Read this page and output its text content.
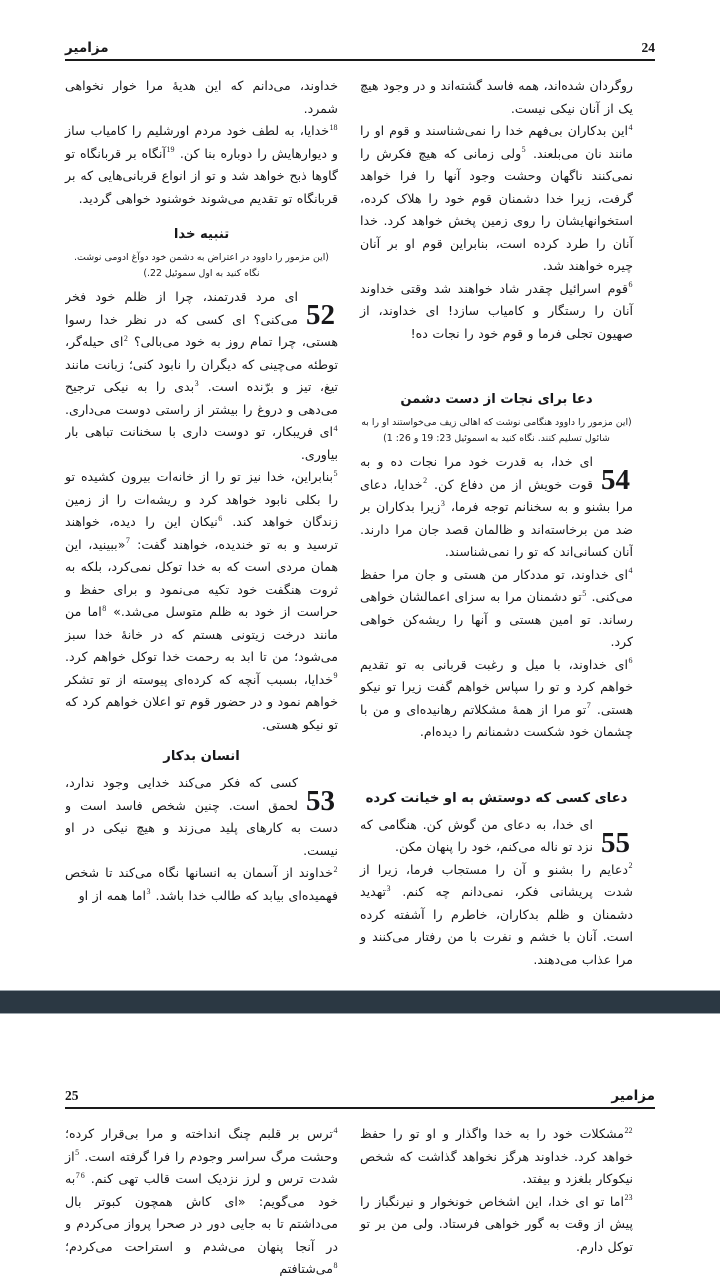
24
مزامیر

خداوند، می‌دانم که این هدیهٔ مرا خوار نخواهی شمرد.

$^{18}$خدایا، به لطف خود مردم اورشلیم را کامیاب ساز و دیوارهایش را دوباره بنا کن. $^{19}$آنگاه بر قربانگاه تو گاوها ذبح خواهد شد و تو از انواع قربانی‌هایی که بر قربانگاه تو تقدیم می‌شوند خوشنود خواهی گردید.

تنبیه خدا
(این مزمور را داوود در اعتراض به دشمن خود دوآغ ادومی نوشت. نگاه کنید به اول سموئیل 22.)
52

ای مرد قدرتمند، چرا از ظلم خود فخر می‌کنی؟ ای کسی که در نظر خدا رسوا هستی، چرا تمام روز به خود می‌بالی؟ $^2$ای حیله‌گر، توطئه می‌چینی که دیگران را نابود کنی؛ زبانت مانند تیغ، تیز و برّنده است. $^3$بدی را به نیکی ترجیح می‌دهی و دروغ را بیشتر از راستی دوست می‌داری. $^4$ای فریبکار، تو دوست داری با سخنانت تباهی بار بیاوری.

$^5$بنابراین، خدا نیز تو را از خانه‌ات بیرون کشیده تو را بکلی نابود خواهد کرد و ریشه‌ات را از زمین زندگان خواهد کند. $^6$نیکان این را دیده، خواهند ترسید و به تو خندیده، خواهند گفت: $^7$«ببینید، این همان مردی است که به خدا توکل نمی‌کرد، بلکه به ثروت هنگفت خود تکیه می‌نمود و برای حفظ و حراست از خود به ظلم متوسل می‌شد.» $^8$اما من مانند درخت زیتونی هستم که در خانهٔ خدا سبز می‌شود؛ من تا ابد به رحمت خدا توکل خواهم کرد. $^9$خدایا، بسبب آنچه که کرده‌ای پیوسته از تو تشکر خواهم نمود و در حضور قوم تو اعلان خواهم کرد که تو نیکو هستی.

انسان بدکار
53

کسی که فکر می‌کند خدایی وجود ندارد، لحمق است. چنین شخص فاسد است و دست به کارهای پلید می‌زند و هیچ نیکی در او نیست.

$^2$خداوند از آسمان به انسانها نگاه می‌کند تا شخص فهمیده‌ای بیابد که طالب خدا باشد. $^3$اما همه از او

روگردان شده‌اند، همه فاسد گشته‌اند و در وجود هیچ یک از آنان نیکی نیست.

$^4$این بدکاران بی‌فهم خدا را نمی‌شناسند و قوم او را مانند نان می‌بلعند. $^5$ولی زمانی که هیچ فکرش را نمی‌کنند ناگهان وحشت وجود آنها را فرا خواهد گرفت، زیرا خدا دشمنان قوم خود را هلاک کرده، استخوانهایشان را روی زمین پخش خواهد کرد. خدا آنان را طرد کرده است، بنابراین قوم او بر آنان چیره خواهند شد.

$^6$قوم اسرائیل چقدر شاد خواهند شد وقتی خداوند آنان را رستگار و کامیاب سازد! ای خداوند، از صهیون تجلی فرما و قوم خود را نجات ده!

دعا برای نجات از دست دشمن
(این مزمور را داوود هنگامی نوشت که اهالی زیف می‌خواستند او را به شائول تسلیم کنند. نگاه کنید به اسموئیل 23: 19 و 26: 1)
54

ای خدا، به قدرت خود مرا نجات ده و به قوت خویش از من دفاع کن. $^2$خدایا، دعای مرا بشنو و به سخنانم توجه فرما، $^3$زیرا بدکاران بر ضد من برخاسته‌اند و ظالمان قصد جان مرا دارند. آنان کسانی‌اند که تو را نمی‌شناسند.

$^4$ای خداوند، تو مددکار من هستی و جان مرا حفظ می‌کنی. $^5$تو دشمنان مرا به سزای اعمالشان خواهی رساند. تو امین هستی و آنها را ریشه‌کن خواهی کرد.

$^6$ای خداوند، با میل و رغبت قربانی به تو تقدیم خواهم کرد و تو را سپاس خواهم گفت زیرا تو نیکو هستی. $^7$تو مرا از همهٔ مشکلاتم رهانیده‌ای و من با چشمان خود شکست دشمنانم را دیده‌ام.

دعای کسی که دوستش به او خیانت کرده
55

ای خدا، به دعای من گوش کن. هنگامی که نزد تو ناله می‌کنم، خود را پنهان مکن.

$^2$دعایم را بشنو و آن را مستجاب فرما، زیرا از شدت پریشانی فکر، نمی‌دانم چه کنم. $^3$تهدید دشمنان و ظلم بدکاران، خاطرم را آشفته کرده است. آنان با خشم و نفرت با من رفتار می‌کنند و مرا عذاب می‌دهند.

25	مزامیر

$^4$ترس بر قلبم چنگ انداخته و مرا بی‌قرار کرده؛ وحشت مرگ سراسر وجودم را فرا گرفته است. $^5$از شدت ترس و لرز نزدیک است قالب تهی کنم. $^{67}$به خود می‌گویم: «ای کاش همچون کبوتر بال می‌داشتم تا به جایی دور در صحرا پرواز می‌کردم و در آنجا پنهان می‌شدم و استراحت می‌کردم؛ $^8$می‌شتافتم

$^{22}$مشکلات خود را به خدا واگذار و او تو را حفظ خواهد کرد. خداوند هرگز نخواهد گذاشت که شخص نیکوکار بلغزد و بیفتد.

$^{23}$اما تو ای خدا، این اشخاص خونخوار و نیرنگباز را پیش از وقت به گور خواهی فرستاد. ولی من بر تو توکل دارم.
